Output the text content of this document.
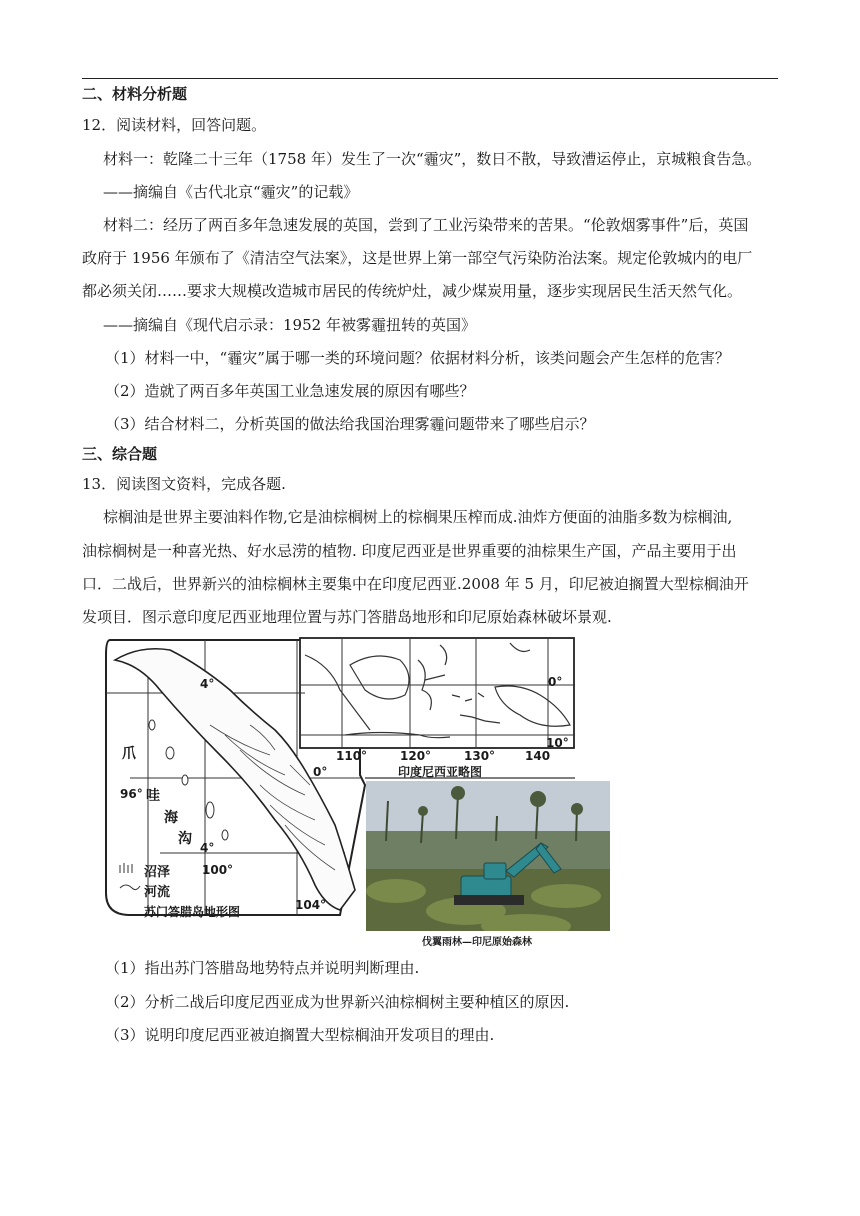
二、材料分析题
12．阅读材料，回答问题。
材料一：乾隆二十三年（1758 年）发生了一次“霾灾”，数日不散，导致漕运停止，京城粮食告急。
——摘编自《古代北京“霾灾”的记载》
材料二：经历了两百多年急速发展的英国，尝到了工业污染带来的苦果。“伦敦烟雾事件”后，英国
政府于 1956 年颁布了《清洁空气法案》，这是世界上第一部空气污染防治法案。规定伦敦城内的电厂
都必须关闭……要求大规模改造城市居民的传统炉灶，减少煤炭用量，逐步实现居民生活天然气化。
——摘编自《现代启示录：1952 年被雾霾扭转的英国》
（1）材料一中，“霾灾”属于哪一类的环境问题？依据材料分析，该类问题会产生怎样的危害？
（2）造就了两百多年英国工业急速发展的原因有哪些？
（3）结合材料二，分析英国的做法给我国治理雾霾问题带来了哪些启示？
三、综合题
13．阅读图文资料，完成各题.
棕榈油是世界主要油料作物,它是油棕榈树上的棕榈果压榨而成.油炸方便面的油脂多数为棕榈油,
油棕榈树是一种喜光热、好水忌涝的植物. 印度尼西亚是世界重要的油棕果生产国，产品主要用于出
口．二战后，世界新兴的油棕榈林主要集中在印度尼西亚.2008 年 5 月，印尼被迫搁置大型棕榈油开
发项目．图示意印度尼西亚地理位置与苏门答腊岛地形和印尼原始森林破坏景观.
4°
0°
4°
96°
100°
104°
爪
哇
海
沟
沼泽
河流
苏门答腊岛地形图
0°
10°
110°	120°	130° 140
印度尼西亚略图
伐翼雨林—印尼原始森林
（1）指出苏门答腊岛地势特点并说明判断理由.
（2）分析二战后印度尼西亚成为世界新兴油棕榈树主要种植区的原因.
（3）说明印度尼西亚被迫搁置大型棕榈油开发项目的理由.
